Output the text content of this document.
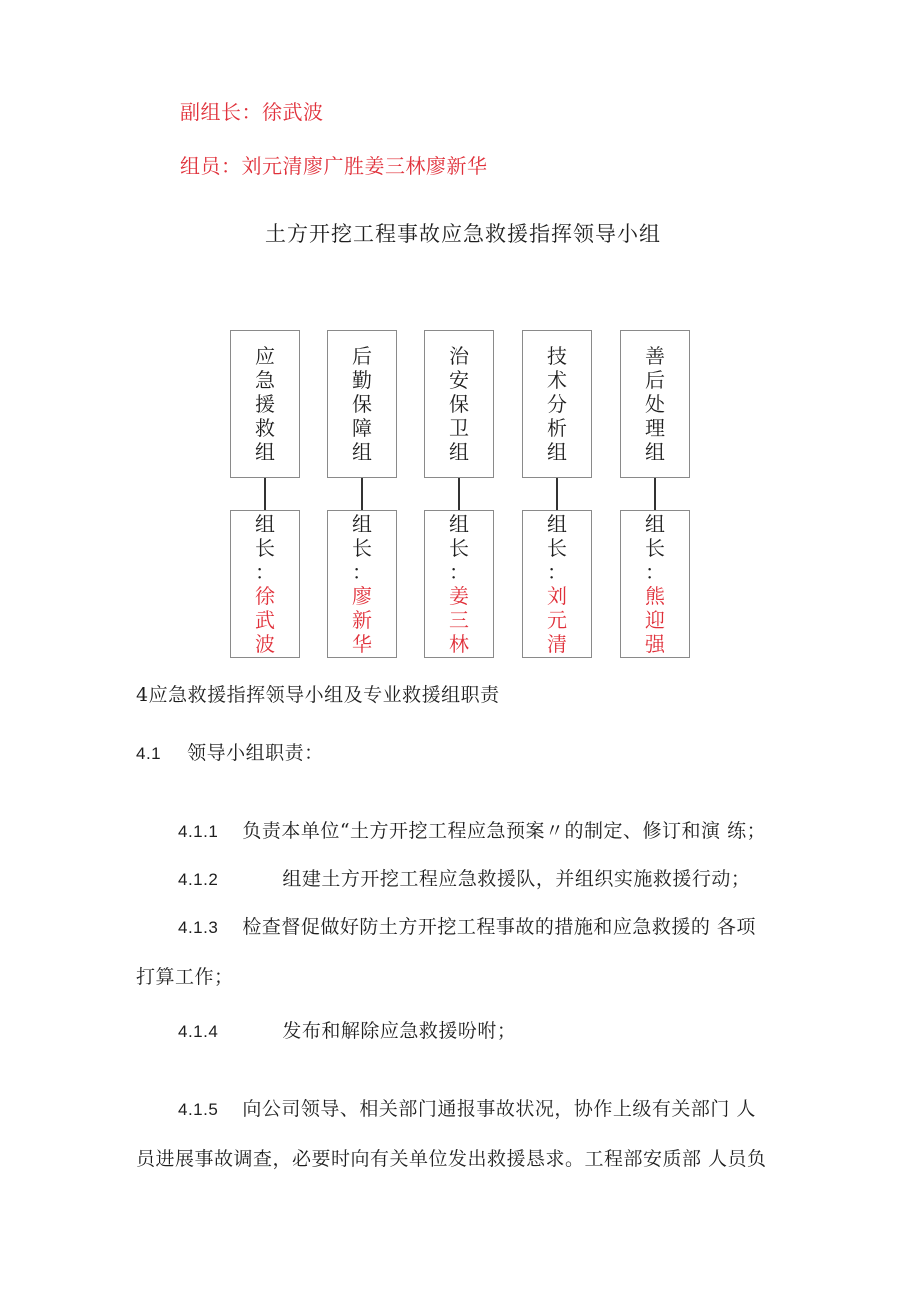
副组长：徐武波
组员：刘元清廖广胜姜三林廖新华
土方开挖工程事故应急救援指挥领导小组
应
急
援
救
组
组
长
：
徐
武
波
后
勤
保
障
组
组
长
：
廖
新
华
治
安
保
卫
组
组
长
：
姜
三
林
技
术
分
析
组
组
长
：
刘
元
清
善
后
处
理
组
组
长
：
熊
迎
强
4应急救援指挥领导小组及专业救援组职责
4.1 领导小组职责：
4.1.1 负责本单位“土方开挖工程应急预案〃的制定、修订和演 练；
4.1.2	组建土方开挖工程应急救援队，并组织实施救援行动；
4.1.3 检查督促做好防土方开挖工程事故的措施和应急救援的 各项
打算工作；
4.1.4	发布和解除应急救援吩咐；
4.1.5 向公司领导、相关部门通报事故状况，协作上级有关部门 人
员进展事故调查，必要时向有关单位发出救援恳求。工程部安质部 人员负
